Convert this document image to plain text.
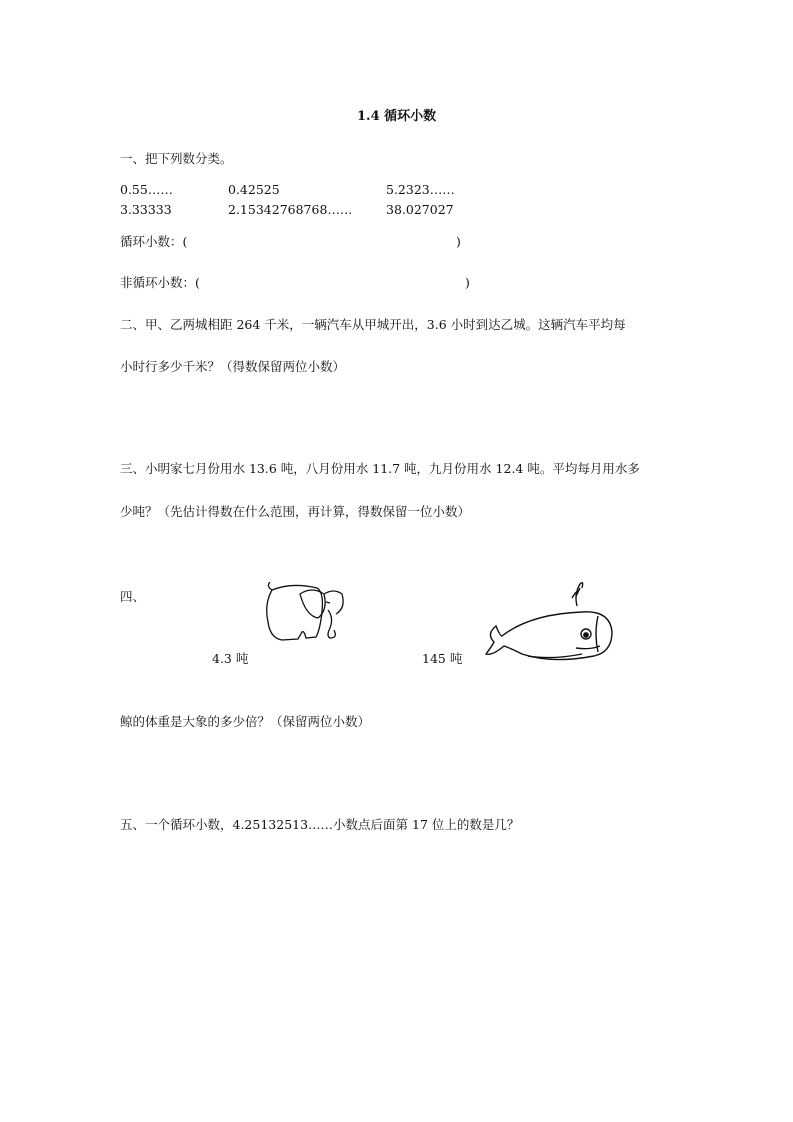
1.4 循环小数
一、把下列数分类。
0.55……	0.42525	5.2323……
3.33333	2.15342768768……	38.027027
循环小数：(	)
非循环小数：(	)
二、甲、乙两城相距 264 千米，一辆汽车从甲城开出，3.6 小时到达乙城。这辆汽车平均每
小时行多少千米？（得数保留两位小数）
三、小明家七月份用水 13.6 吨，八月份用水 11.7 吨，九月份用水 12.4 吨。平均每月用水多
少吨？（先估计得数在什么范围，再计算，得数保留一位小数）
四、
4.3 吨	145 吨
鲸的体重是大象的多少倍？（保留两位小数）
五、一个循环小数，4.25132513……小数点后面第 17 位上的数是几？
